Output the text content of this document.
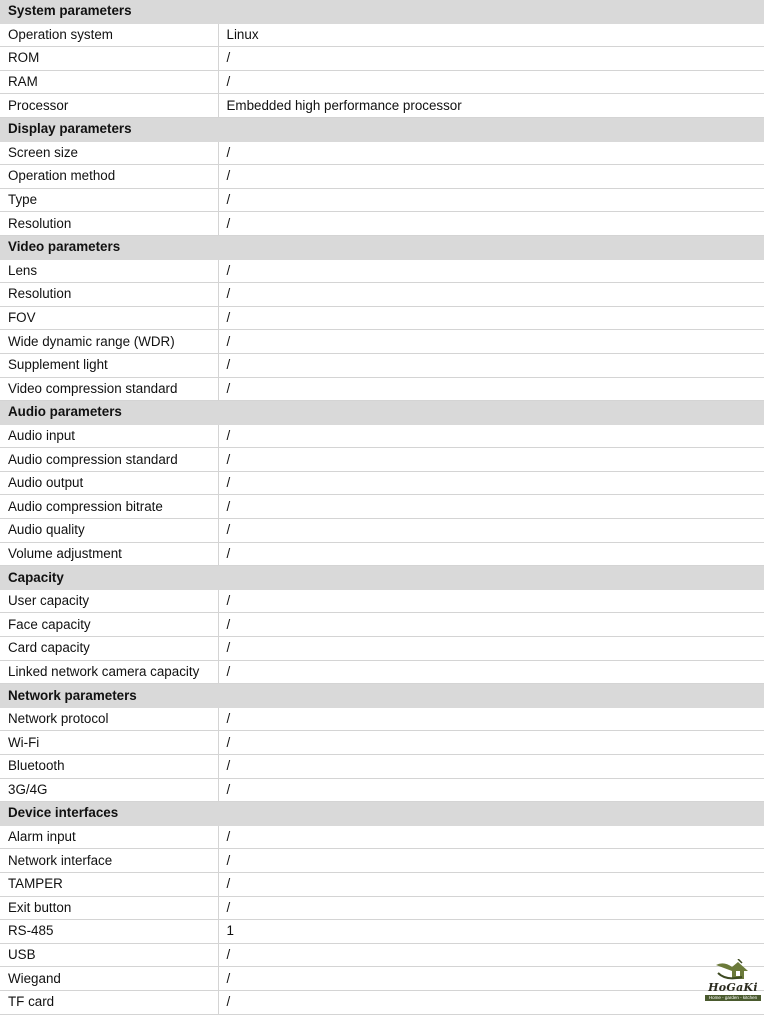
System parameters	
Operation system	Linux
ROM	/
RAM	/
Processor	Embedded high performance processor
Display parameters	
Screen size	/
Operation method	/
Type	/
Resolution	/
Video parameters	
Lens	/
Resolution	/
FOV	/
Wide dynamic range (WDR)	/
Supplement light	/
Video compression standard	/
Audio parameters	
Audio input	/
Audio compression standard	/
Audio output	/
Audio compression bitrate	/
Audio quality	/
Volume adjustment	/
Capacity	
User capacity	/
Face capacity	/
Card capacity	/
Linked network camera capacity	/
Network parameters	
Network protocol	/
Wi-Fi	/
Bluetooth	/
3G/4G	/
Device interfaces	
Alarm input	/
Network interface	/
TAMPER	/
Exit button	/
RS-485	1
USB	/
Wiegand	/
TF card	/
HoGaKi
Home - garden - kitchen
